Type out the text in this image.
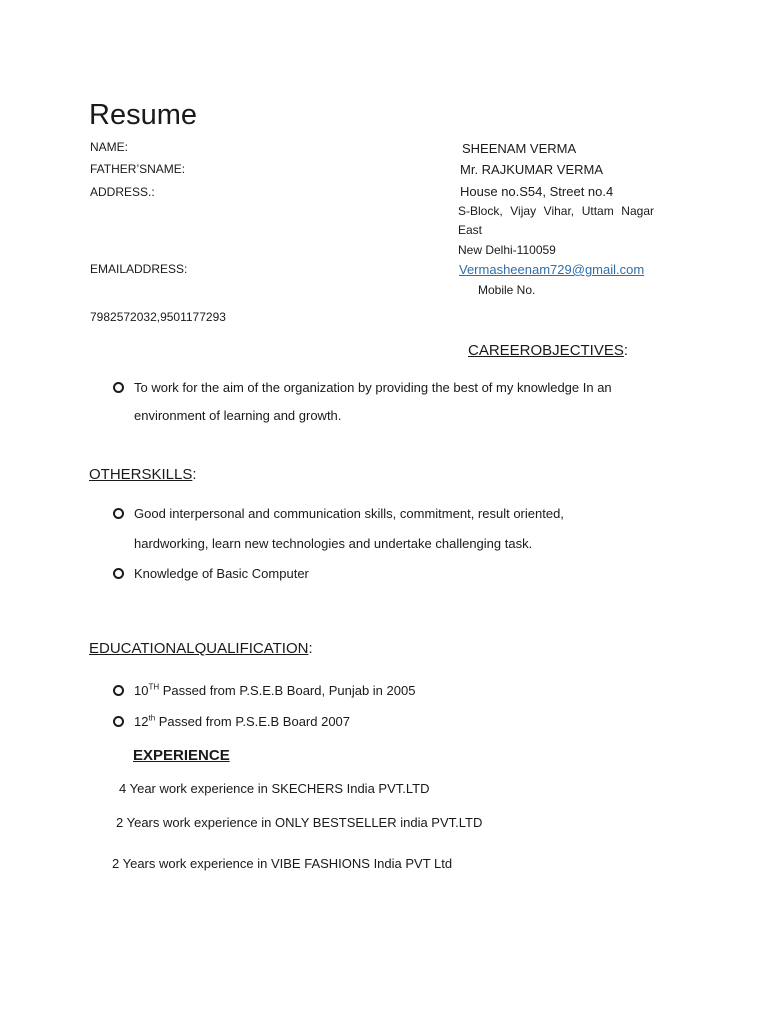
Resume
NAME:	SHEENAM VERMA
FATHER’SNAME:	Mr. RAJKUMAR VERMA
ADDRESS.:	House no.S54, Street no.4
S-Block, Vijay Vihar, Uttam Nagar
East
New Delhi-110059
EMAILADDRESS:	Vermasheenam729@gmail.com
Mobile No.
7982572032,9501177293
CAREEROBJECTIVES:
To work for the aim of the organization by providing the best of my knowledge In an
environment of learning and growth.
OTHERSKILLS:
Good interpersonal and communication skills, commitment, result oriented,
hardworking, learn new technologies and undertake challenging task.
Knowledge of Basic Computer
EDUCATIONALQUALIFICATION:
10TH Passed from P.S.E.B Board, Punjab in 2005
12th Passed from P.S.E.B Board 2007
EXPERIENCE
4 Year work experience in SKECHERS India PVT.LTD
2 Years work experience in ONLY BESTSELLER india PVT.LTD
2 Years work experience in VIBE FASHIONS India PVT Ltd
